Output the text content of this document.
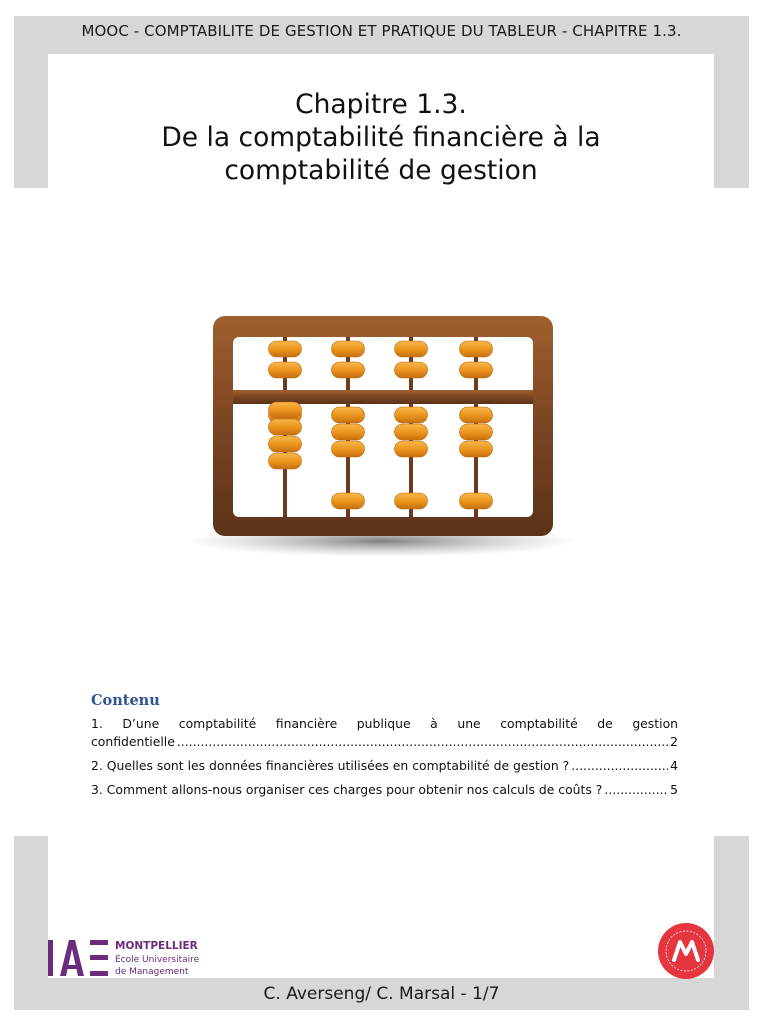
MOOC - COMPTABILITE DE GESTION ET PRATIQUE DU TABLEUR - CHAPITRE 1.3.
Chapitre 1.3.
De la comptabilité financière à la
comptabilité de gestion
Contenu
1. D’une comptabilité financière publique à une comptabilité de gestion
confidentielle .....	2
2. Quelles sont les données financières utilisées en comptabilité de gestion ? .....	4
3. Comment allons-nous organiser ces charges pour obtenir nos calculs de coûts ? .....	5
MONTPELLIER
École Universitaire
de Management
C. Averseng/ C. Marsal - 1/7
